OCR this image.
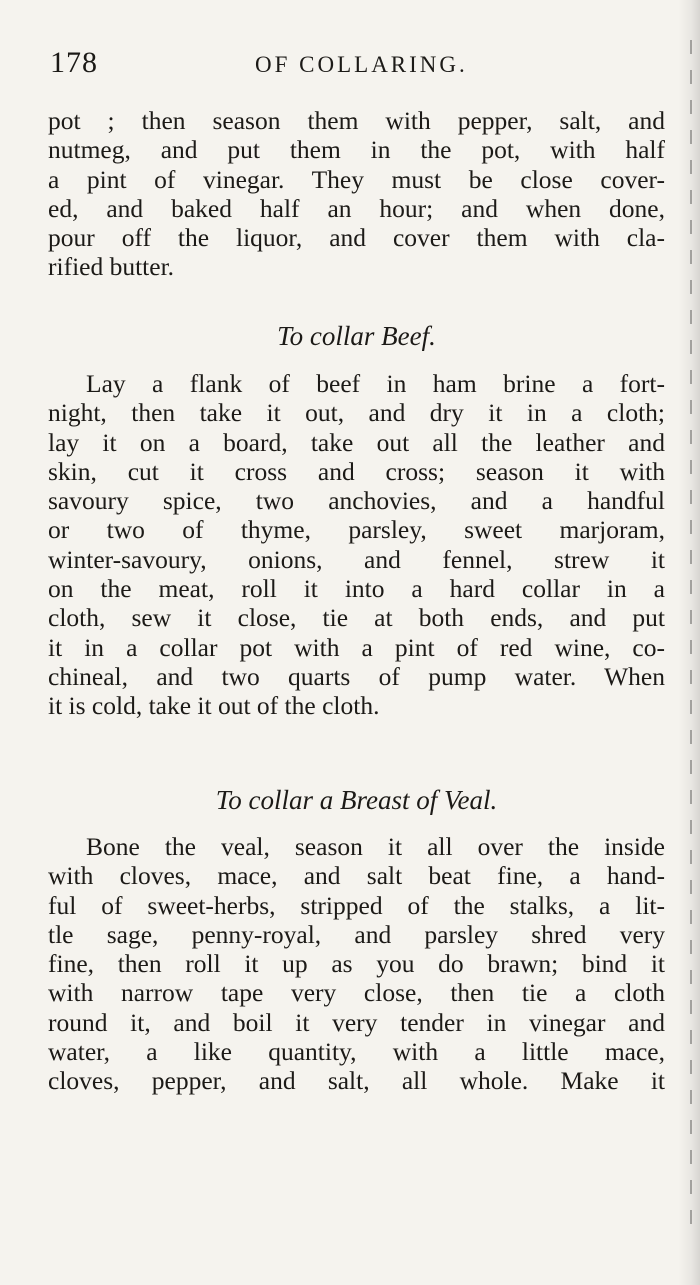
178	OF COLLARING.
pot ; then season them with pepper, salt, and
nutmeg, and put them in the pot, with half
a pint of vinegar. They must be close cover-
ed, and baked half an hour; and when done,
pour off the liquor, and cover them with cla-
rified butter.
To collar Beef.
Lay a flank of beef in ham brine a fort-
night, then take it out, and dry it in a cloth;
lay it on a board, take out all the leather and
skin, cut it cross and cross; season it with
savoury spice, two anchovies, and a handful
or two of thyme, parsley, sweet marjoram,
winter-savoury, onions, and fennel, strew it
on the meat, roll it into a hard collar in a
cloth, sew it close, tie at both ends, and put
it in a collar pot with a pint of red wine, co-
chineal, and two quarts of pump water. When
it is cold, take it out of the cloth.
To collar a Breast of Veal.
Bone the veal, season it all over the inside
with cloves, mace, and salt beat fine, a hand-
ful of sweet-herbs, stripped of the stalks, a lit-
tle sage, penny-royal, and parsley shred very
fine, then roll it up as you do brawn; bind it
with narrow tape very close, then tie a cloth
round it, and boil it very tender in vinegar and
water, a like quantity, with a little mace,
cloves, pepper, and salt, all whole. Make it
